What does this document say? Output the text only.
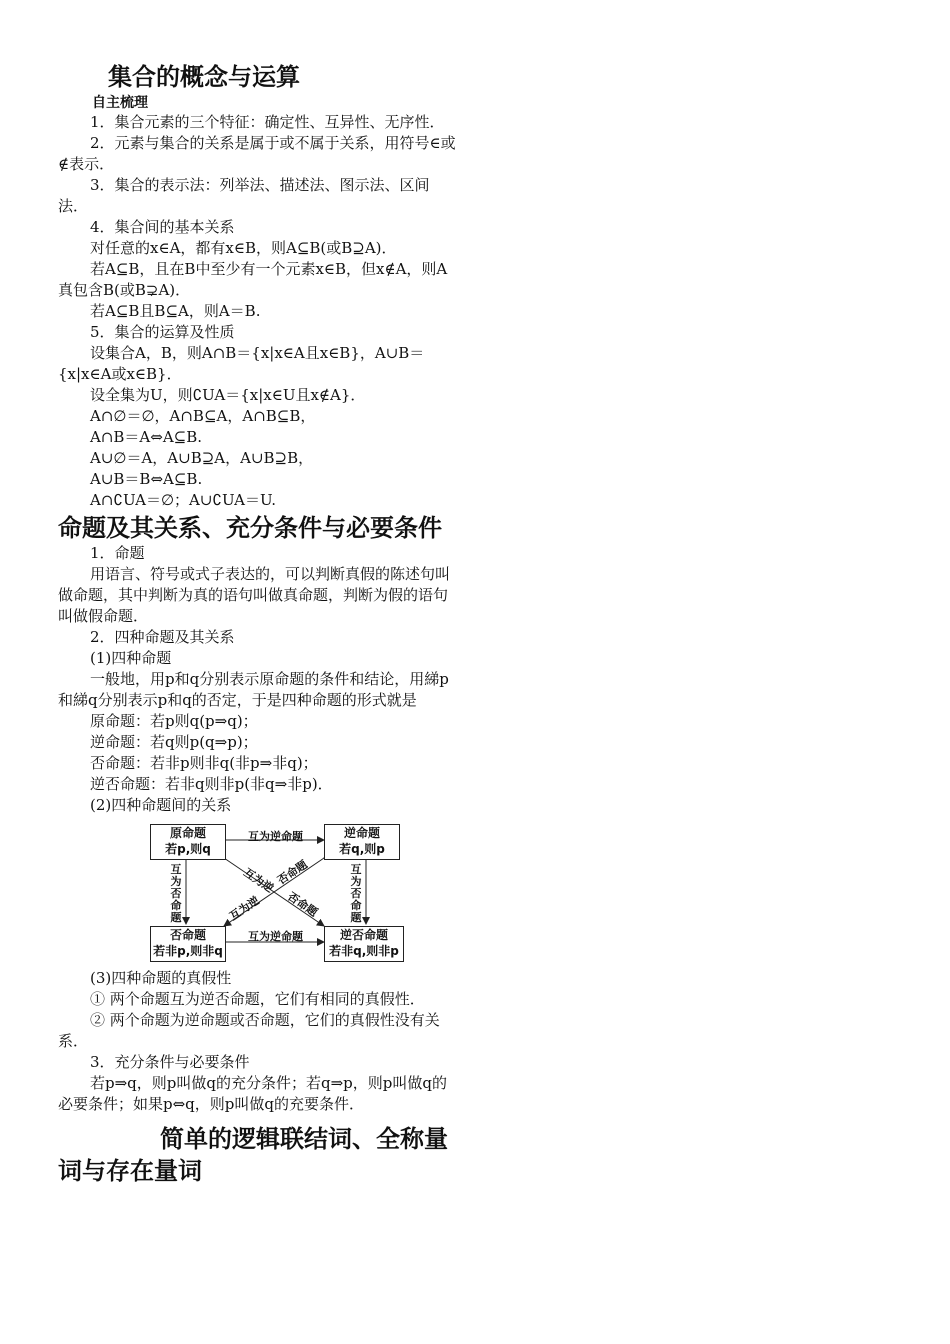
集合的概念与运算
自主梳理

1．集合元素的三个特征：确定性、互异性、无序性．

2．元素与集合的关系是属于或不属于关系，用符号∈或∉表示．

3．集合的表示法：列举法、描述法、图示法、区间法．

4．集合间的基本关系

对任意的x∈A，都有x∈B，则A⊆B(或B⊇A)．

若A⊆B，且在B中至少有一个元素x∈B，但x∉A，则A真包含B(或B⊋A)．

若A⊆B且B⊆A，则A＝B.

5．集合的运算及性质

设集合A，B，则A∩B＝{x|x∈A且x∈B}，A∪B＝{x|x∈A或x∈B}．

设全集为U，则∁UA＝{x|x∈U且x∉A}．

A∩∅＝∅，A∩B⊆A，A∩B⊆B，

A∩B＝A⇔A⊆B.

A∪∅＝A，A∪B⊇A，A∪B⊇B，

A∪B＝B⇔A⊆B.

A∩∁UA＝∅；A∪∁UA＝U.

命题及其关系、充分条件与必要条件

1．命题

用语言、符号或式子表达的，可以判断真假的陈述句叫做命题，其中判断为真的语句叫做真命题，判断为假的语句叫做假命题．

2．四种命题及其关系

(1)四种命题

一般地，用p和q分别表示原命题的条件和结论，用綈p和綈q分别表示p和q的否定，于是四种命题的形式就是

原命题：若p则q(p⇒q)；

逆命题：若q则p(q⇒p)；

否命题：若非p则非q(非p⇒非q)；

逆否命题：若非q则非p(非q⇒非p)．

(2)四种命题间的关系

原命题
若p,则q
逆命题
若q,则p
否命题
若非p,则非q
逆否命题
若非q,则非p
互为逆命题
互为逆命题
互为否命题
互为否命题
互为逆 否命题
互为逆 否命题

(3)四种命题的真假性

① 两个命题互为逆否命题，它们有相同的真假性．

② 两个命题为逆命题或否命题，它们的真假性没有关系．

3．充分条件与必要条件

若p⇒q，则p叫做q的充分条件；若q⇒p，则p叫做q的必要条件；如果p⇔q，则p叫做q的充要条件．

简单的逻辑联结词、全称量词与存在量词
